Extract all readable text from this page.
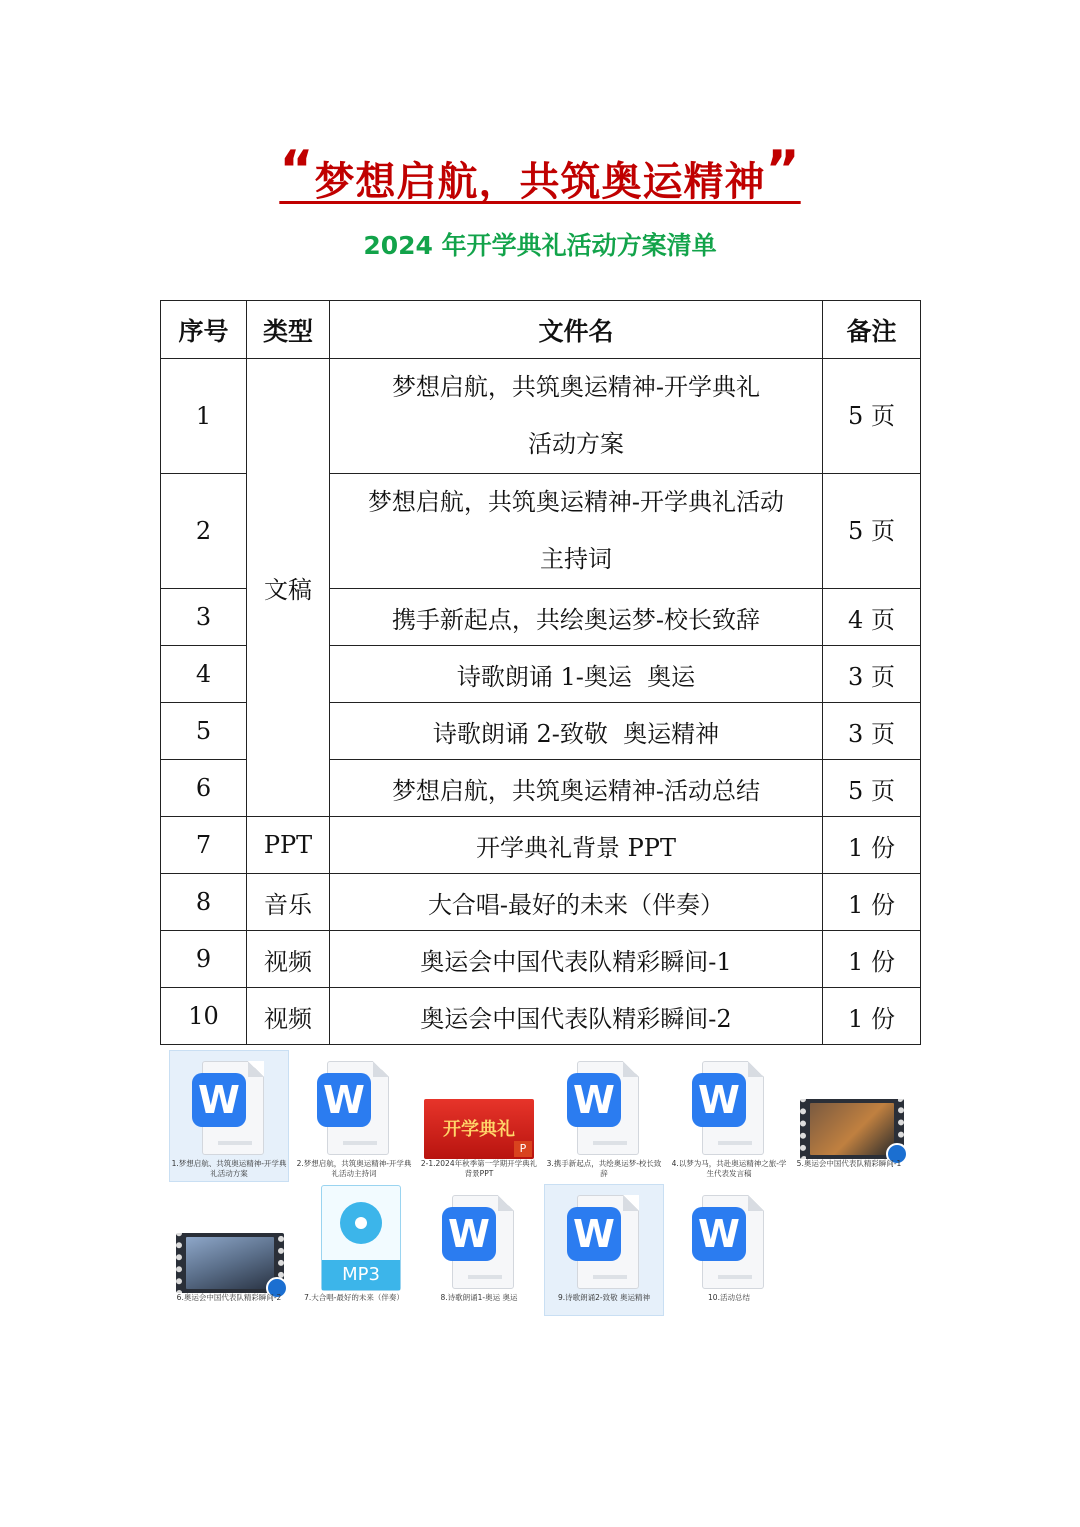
“梦想启航，共筑奥运精神”
2024 年开学典礼活动方案清单
序号	类型	文件名	备注
1	文稿	梦想启航，共筑奥运精神-开学典礼
活动方案	5 页
2		梦想启航，共筑奥运精神-开学典礼活动
主持词	5 页
3		携手新起点，共绘奥运梦-校长致辞	4 页
4		诗歌朗诵 1-奥运  奥运	3 页
5		诗歌朗诵 2-致敬  奥运精神	3 页
6		梦想启航，共筑奥运精神-活动总结	5 页
7	PPT	开学典礼背景 PPT	1 份
8	音乐	大合唱-最好的未来（伴奏）	1 份
9	视频	奥运会中国代表队精彩瞬间-1	1 份
10	视频	奥运会中国代表队精彩瞬间-2	1 份
W
1.梦想启航、共筑奥运精神-开学典礼活动方案
W
2.梦想启航，共筑奥运精神-开学典礼活动主持词
开学典礼
P
2-1.2024年秋季第一学期开学典礼背景PPT
W
3.携手新起点，共绘奥运梦-校长致辞
W
4.以梦为马，共赴奥运精神之旅-学生代表发言稿
5.奥运会中国代表队精彩瞬间-1
6.奥运会中国代表队精彩瞬间-2
MP3
7.大合唱-最好的未来（伴奏）
W
8.诗歌朗诵1-奥运 奥运
W
9.诗歌朗诵2-致敬 奥运精神
W
10.活动总结
